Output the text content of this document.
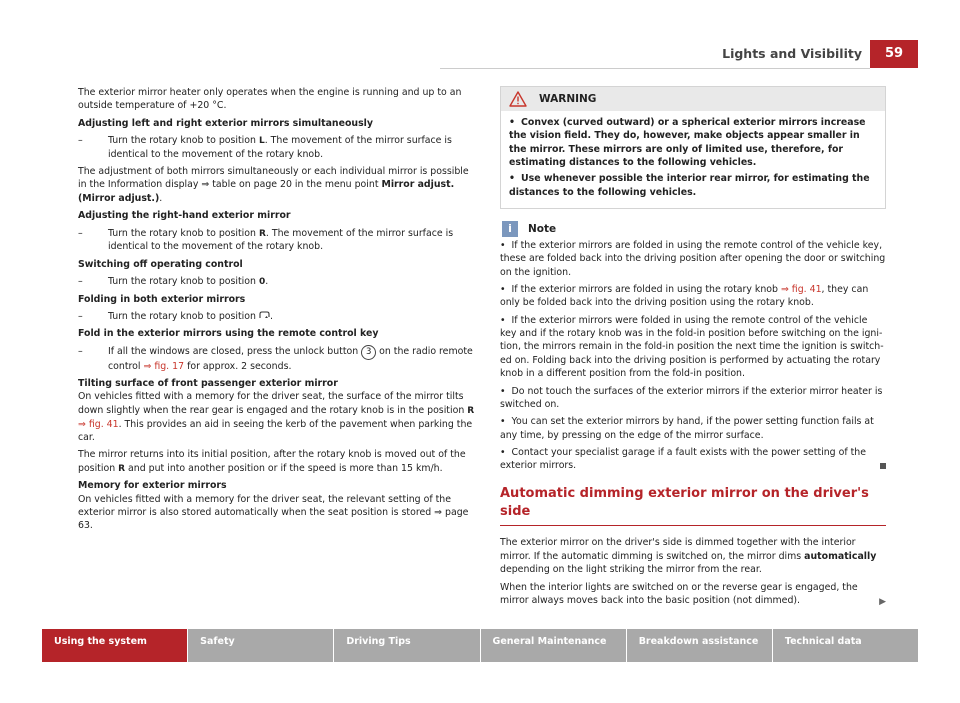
Lights and Visibility	59

The exterior mirror heater only operates when the engine is running and up to an outside temperature of +20 °C.

Adjusting left and right exterior mirrors simultaneously

–	Turn the rotary knob to position L. The movement of the mirror surface is identical to the movement of the rotary knob.

The adjustment of both mirrors simultaneously or each individual mirror is possible in the Information display ⇒ table on page 20 in the menu point Mirror adjust. (Mirror adjust.).

Adjusting the right-hand exterior mirror

–	Turn the rotary knob to position R. The movement of the mirror surface is identical to the movement of the rotary knob.

Switching off operating control

–	Turn the rotary knob to position 0.

Folding in both exterior mirrors

–	Turn the rotary knob to position .

Fold in the exterior mirrors using the remote control key

–	If all the windows are closed, press the unlock button 3 on the radio remote control ⇒ fig. 17 for approx. 2 seconds.

Tilting surface of front passenger exterior mirror

On vehicles fitted with a memory for the driver seat, the surface of the mirror tilts down slightly when the rear gear is engaged and the rotary knob is in the position R ⇒ fig. 41. This provides an aid in seeing the kerb of the pavement when parking the car.

The mirror returns into its initial position, after the rotary knob is moved out of the position R and put into another position or if the speed is more than 15 km/h.

Memory for exterior mirrors

On vehicles fitted with a memory for the driver seat, the relevant setting of the exterior mirror is also stored automatically when the seat position is stored ⇒ page 63.

WARNING
• Convex (curved outward) or a spherical exterior mirrors increase the vision field. They do, however, make objects appear smaller in the mirror. These mirrors are only of limited use, therefore, for estimating distances to the following vehicles.
• Use whenever possible the interior rear mirror, for estimating the distances to the following vehicles.
i	Note

• If the exterior mirrors are folded in using the remote control of the vehicle key, these are folded back into the driving position after opening the door or switching on the ignition.

• If the exterior mirrors are folded in using the rotary knob ⇒ fig. 41, they can only be folded back into the driving position using the rotary knob.

• If the exterior mirrors were folded in using the remote control of the vehicle key and if the rotary knob was in the fold-in position before switching on the ignition, the mirrors remain in the fold-in position the next time the ignition is switched on. Folding back into the driving position is performed by actuating the rotary knob in a different position from the fold-in position.

• Do not touch the surfaces of the exterior mirrors if the exterior mirror heater is switched on.

• You can set the exterior mirrors by hand, if the power setting function fails at any time, by pressing on the edge of the mirror surface.

• Contact your specialist garage if a fault exists with the power setting of the exterior mirrors.

Automatic dimming exterior mirror on the driver's side

The exterior mirror on the driver's side is dimmed together with the interior mirror. If the automatic dimming is switched on, the mirror dims automatically depending on the light striking the mirror from the rear.

When the interior lights are switched on or the reverse gear is engaged, the mirror always moves back into the basic position (not dimmed).	▶

Using the system	Safety	Driving Tips	General Maintenance	Breakdown assistance	Technical data
